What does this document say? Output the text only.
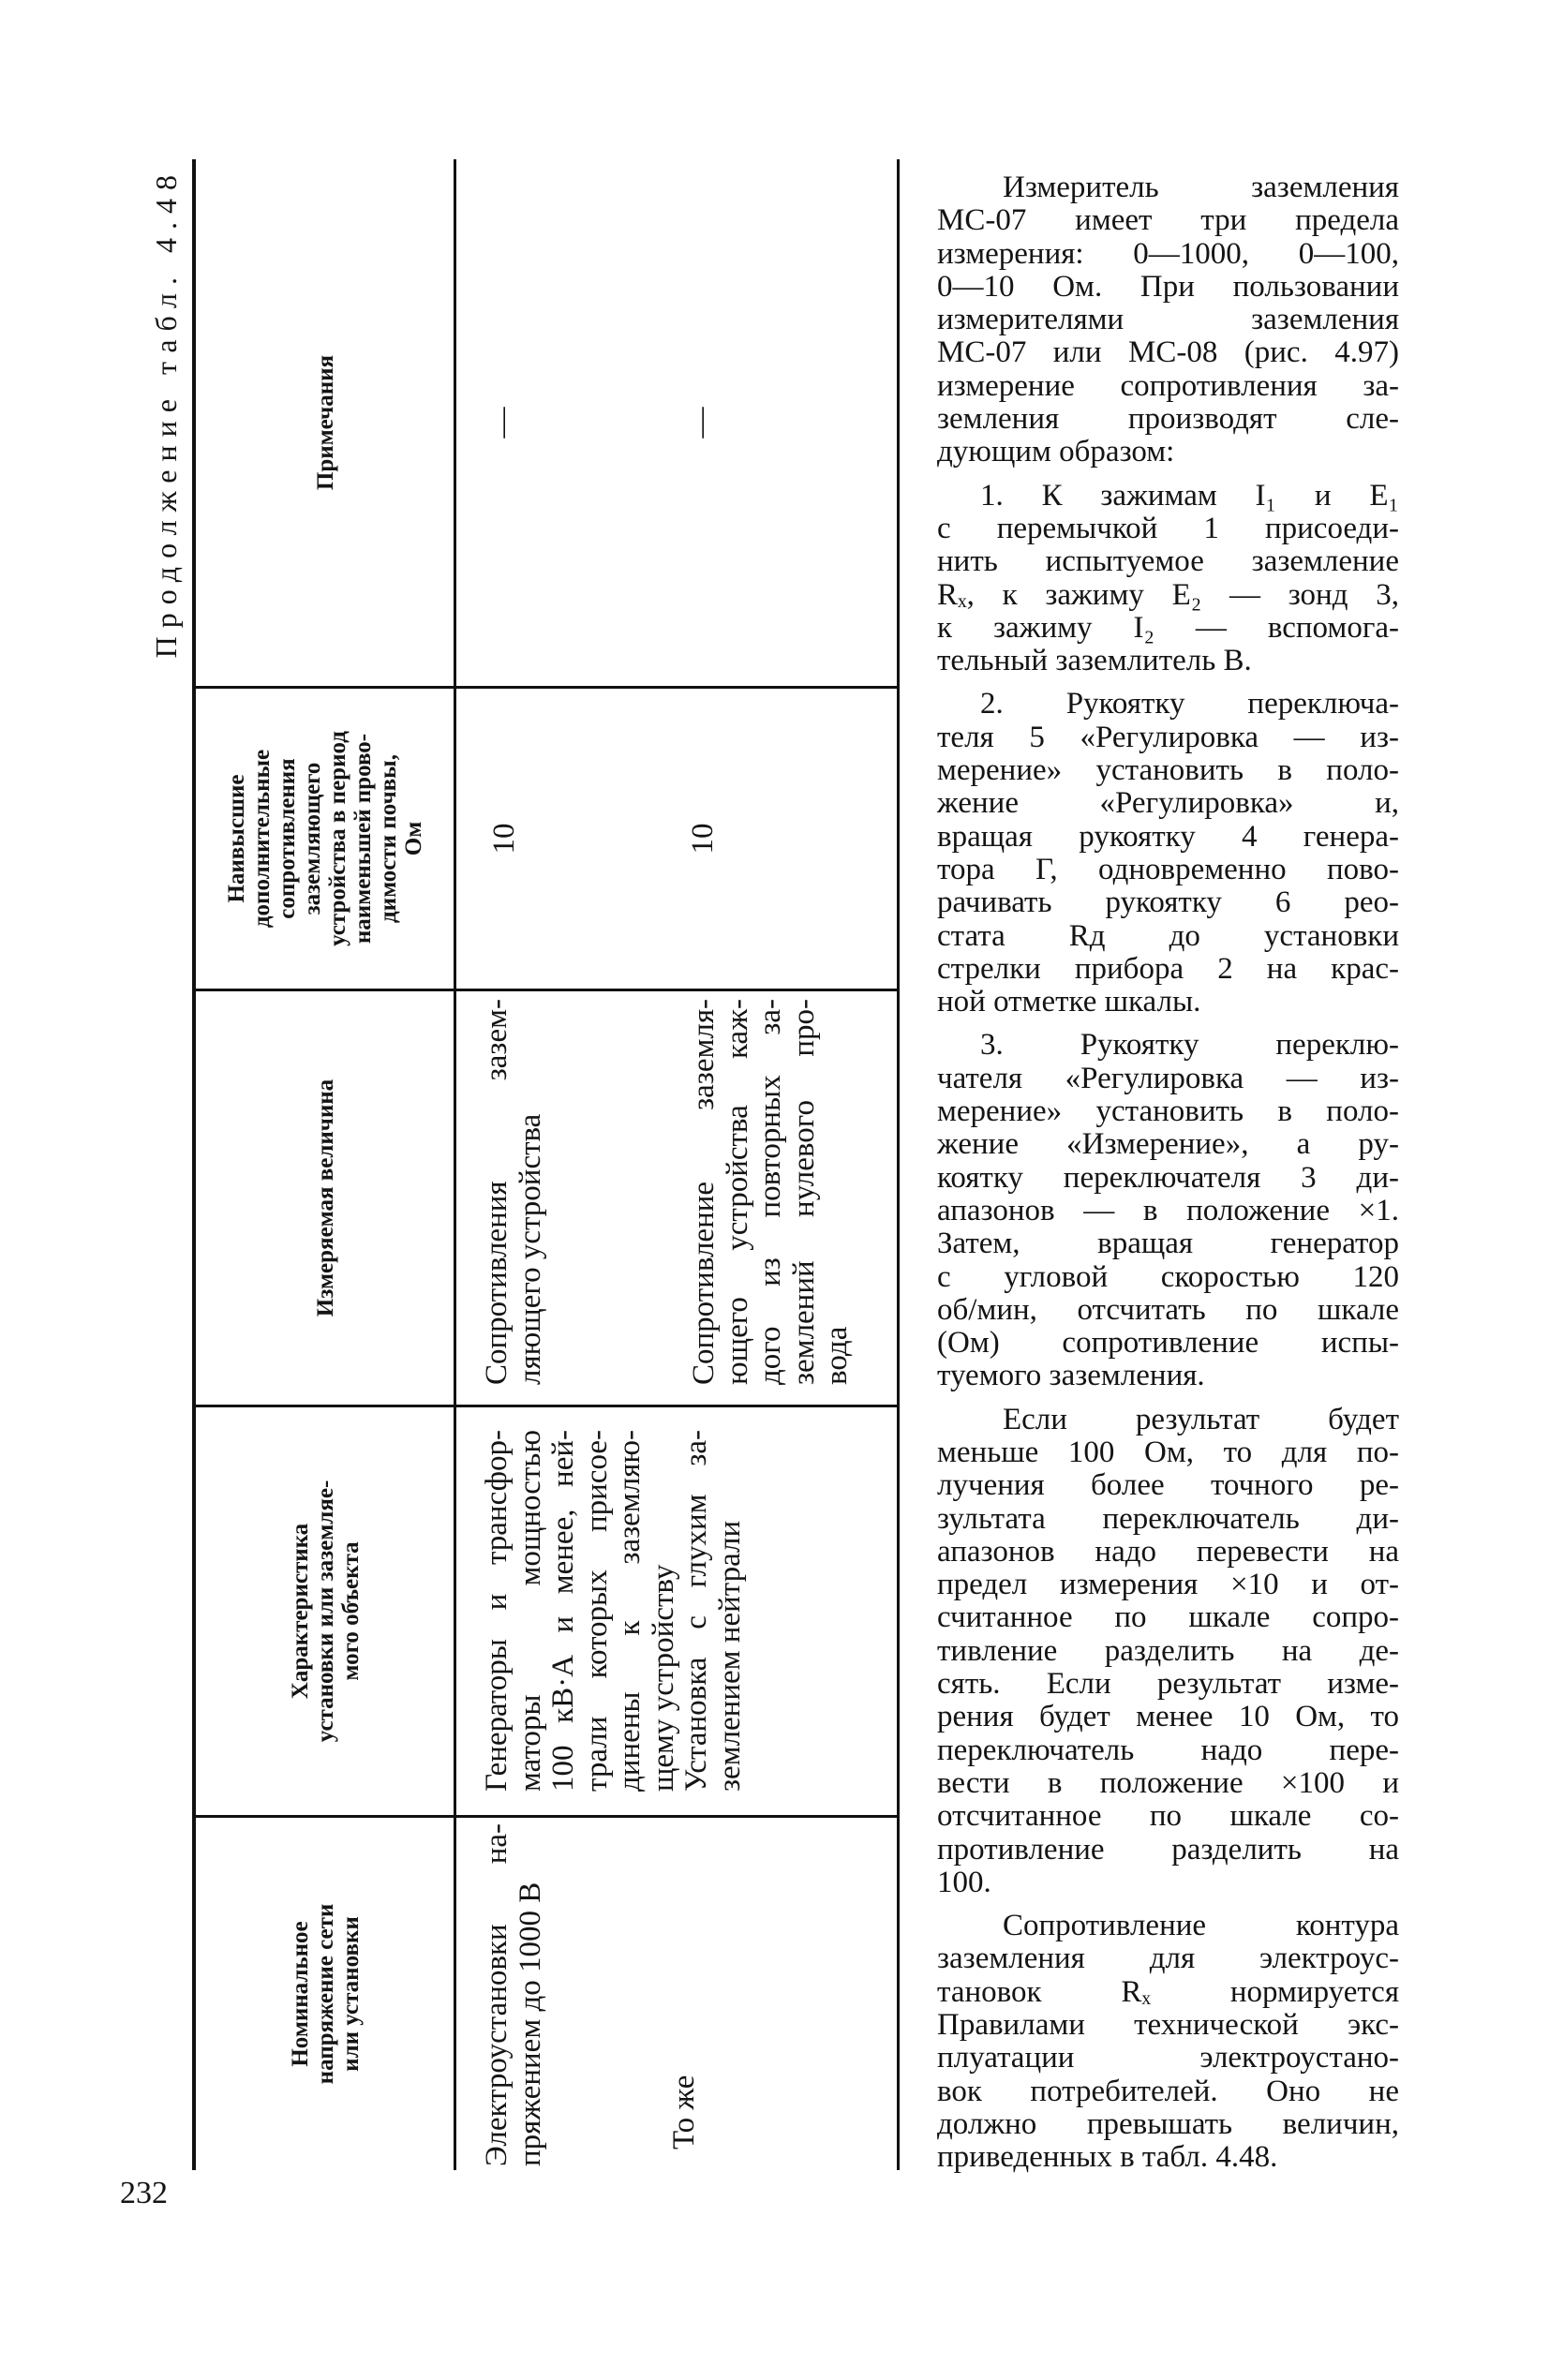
232
Продолжение табл. 4.48
Номинальное
напряжение сети
или установки
Характеристика
установки или заземляе-
мого объекта
Измеряемая величина
Наивысшие
дополнительные
сопротивления
заземляющего
устройства в период
наименьшей прово-
димости почвы,
Ом
Примечания
Электроустановки на- пряжением до 1000 В
Генераторы и трансфор- маторы мощностью 100 кВ·А и менее, ней- трали которых присое- динены к заземляю- щему устройству
Сопротивления зазем- ляющего устройства
10
—
То же
Установка с глухим за- землением нейтрали
Сопротивление заземля- ющего устройства каж- дого из повторных за- землений нулевого про- вода
10
—
Измеритель заземления
МС-07 имеет три предела
измерения: 0—1000, 0—100,
0—10 Ом. При пользовании
измерителями заземления
МС-07 или МС-08 (рис. 4.97)
измерение сопротивления за-
земления производят сле-
дующим образом:
1. К зажимам I₁ и E₁
с перемычкой 1 присоеди-
нить испытуемое заземление
Rₓ, к зажиму E₂ — зонд 3,
к зажиму I₂ — вспомога-
тельный заземлитель В.
2. Рукоятку переключа-
теля 5 «Регулировка — из-
мерение» установить в поло-
жение «Регулировка» и,
вращая рукоятку 4 генера-
тора Г, одновременно пово-
рачивать рукоятку 6 рео-
стата Rд до установки
стрелки прибора 2 на крас-
ной отметке шкалы.
3. Рукоятку переклю-
чателя «Регулировка — из-
мерение» установить в поло-
жение «Измерение», а ру-
коятку переключателя 3 ди-
апазонов — в положение ×1.
Затем, вращая генератор
с угловой скоростью 120
об/мин, отсчитать по шкале
(Ом) сопротивление испы-
туемого заземления.
Если результат будет
меньше 100 Ом, то для по-
лучения более точного ре-
зультата переключатель ди-
апазонов надо перевести на
предел измерения ×10 и от-
считанное по шкале сопро-
тивление разделить на де-
сять. Если результат изме-
рения будет менее 10 Ом, то
переключатель надо пере-
вести в положение ×100 и
отсчитанное по шкале со-
противление разделить на
100.
Сопротивление контура
заземления для электроус-
тановок Rₓ нормируется
Правилами технической экс-
плуатации электроустано-
вок потребителей. Оно не
должно превышать величин,
приведенных в табл. 4.48.
